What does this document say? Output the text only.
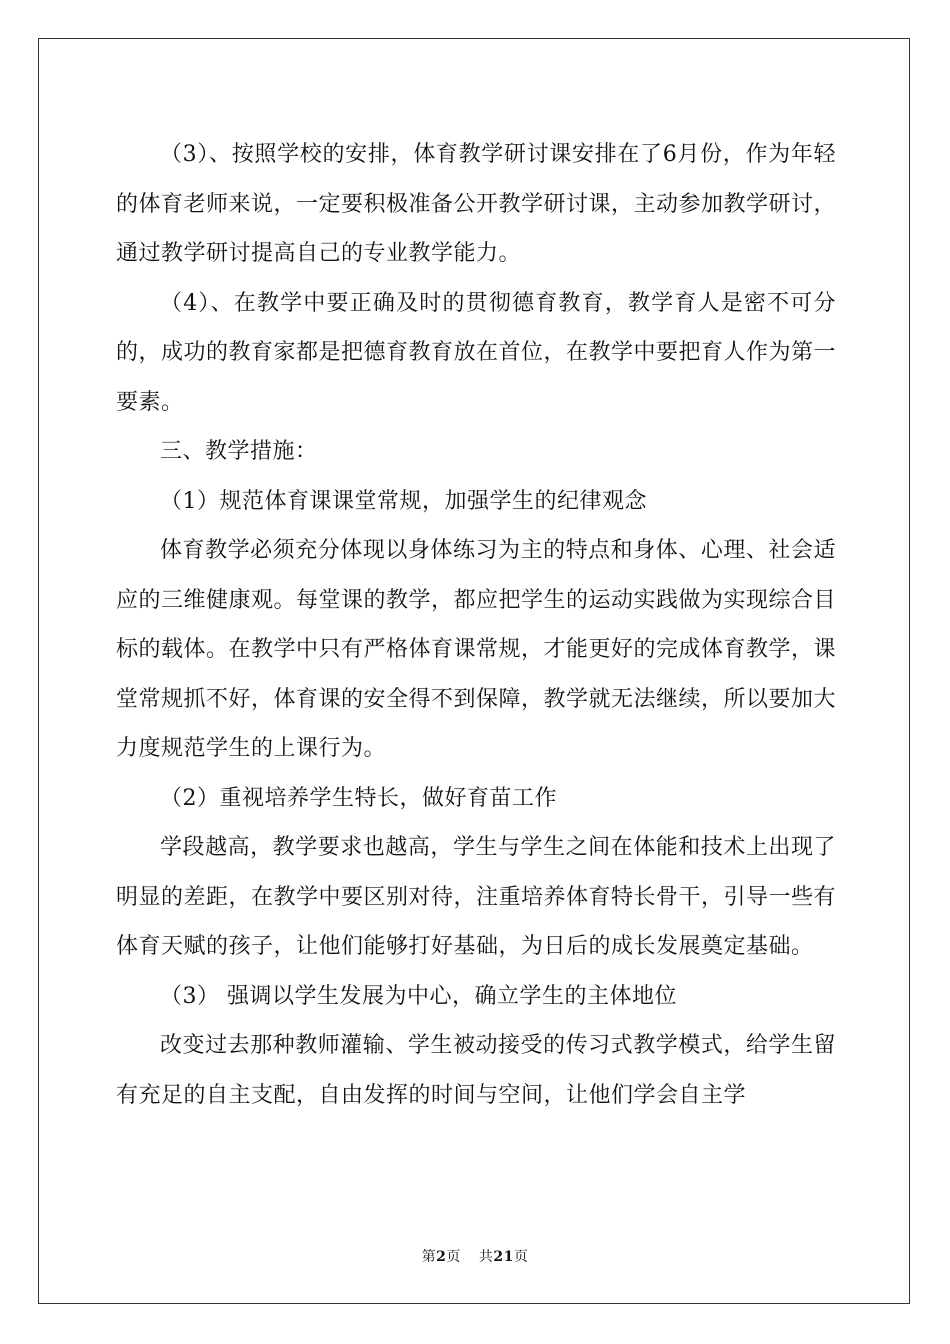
（3）、按照学校的安排，体育教学研讨课安排在了6月份，作为年轻的体育老师来说，一定要积极准备公开教学研讨课，主动参加教学研讨，通过教学研讨提高自己的专业教学能力。

（4）、在教学中要正确及时的贯彻德育教育，教学育人是密不可分的，成功的教育家都是把德育教育放在首位，在教学中要把育人作为第一要素。

三、教学措施：

（1）规范体育课课堂常规，加强学生的纪律观念

体育教学必须充分体现以身体练习为主的特点和身体、心理、社会适应的三维健康观。每堂课的教学，都应把学生的运动实践做为实现综合目标的载体。在教学中只有严格体育课常规，才能更好的完成体育教学，课堂常规抓不好，体育课的安全得不到保障，教学就无法继续，所以要加大力度规范学生的上课行为。

（2）重视培养学生特长，做好育苗工作

学段越高，教学要求也越高，学生与学生之间在体能和技术上出现了明显的差距，在教学中要区别对待，注重培养体育特长骨干，引导一些有体育天赋的孩子，让他们能够打好基础，为日后的成长发展奠定基础。

（3） 强调以学生发展为中心，确立学生的主体地位

改变过去那种教师灌输、学生被动接受的传习式教学模式，给学生留有充足的自主支配，自由发挥的时间与空间，让他们学会自主学

第2页 共21页
